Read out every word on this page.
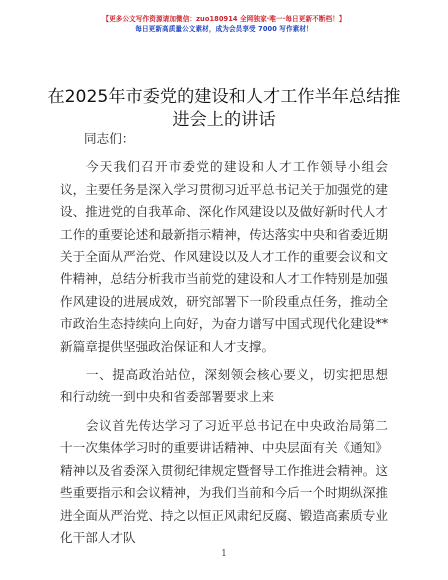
【更多公文写作资源请加微信：zuo180914 全网独家·唯一·每日更新不断档！】
每日更新高质量公文素材，成为会员享受 7000 写作素材！
在2025年市委党的建设和人才工作半年总结推进会上的讲话

同志们：

今天我们召开市委党的建设和人才工作领导小组会议，主要任务是深入学习贯彻习近平总书记关于加强党的建设、推进党的自我革命、深化作风建设以及做好新时代人才工作的重要论述和最新指示精神，传达落实中央和省委近期关于全面从严治党、作风建设以及人才工作的重要会议和文件精神，总结分析我市当前党的建设和人才工作特别是加强作风建设的进展成效，研究部署下一阶段重点任务，推动全市政治生态持续向上向好，为奋力谱写中国式现代化建设**新篇章提供坚强政治保证和人才支撑。

一、提高政治站位，深刻领会核心要义，切实把思想和行动统一到中央和省委部署要求上来

会议首先传达学习了习近平总书记在中央政治局第二十一次集体学习时的重要讲话精神、中央层面有关《通知》精神以及省委深入贯彻纪律规定暨督导工作推进会精神。这些重要指示和会议精神，为我们当前和今后一个时期纵深推进全面从严治党、持之以恒正风肃纪反腐、锻造高素质专业化干部人才队

1
